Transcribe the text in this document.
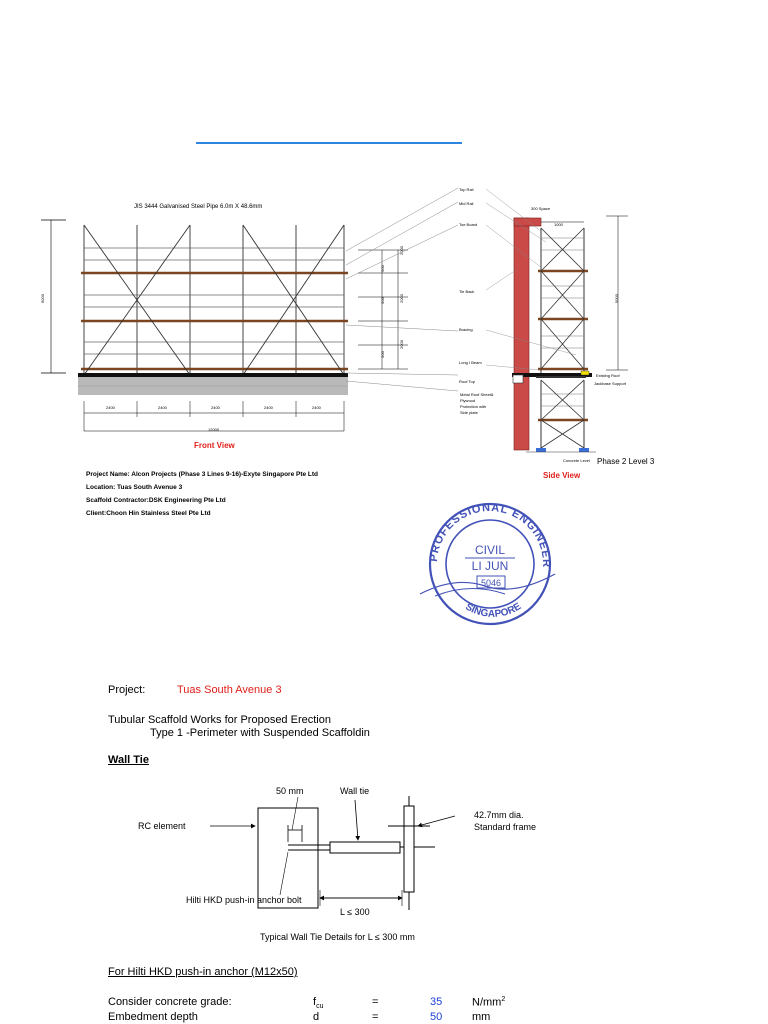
JIS 3444 Galvanised Steel Pipe 6.0m X 48.6mm
6000
2000
2000
2000
500
500
500
2400	2400	2400	2400	2400
12000
Front View
Top Rail
Mid Rail
Toe Board
300 Space
1000
Tie Back
Bracing
Long I Beam
Roof Top
Metal Roof Sheet&
Plywood
Protection with
Side plate
Existing Roof
Jackbase Support
Concrete Level
5000
Phase 2 Level 3
Side View
Project Name: Alcon Projects (Phase 3 Lines 9-16)-Exyte Singapore Pte Ltd
Location: Tuas South Avenue 3
Scaffold Contractor:DSK Engineering Pte Ltd
Client:Choon Hin Stainless Steel Pte Ltd
PROFESSIONAL ENGINEER
SINGAPORE
CIVIL
LI JUN
5046
Project:	Tuas South Avenue 3
Tubular Scaffold Works for Proposed Erection
Type 1 -Perimeter with Suspended Scaffoldin
Wall Tie
50 mm	Wall tie
RC element
42.7mm dia.
Standard frame
Hilti HKD push-in anchor bolt
L ≤ 300
Typical Wall Tie Details for L ≤ 300 mm
For Hilti HKD push-in anchor (M12x50)
Consider concrete grade:	$f_{cu}$	=	35	$N/mm^2$
Embedment depth	d	=	50	mm
